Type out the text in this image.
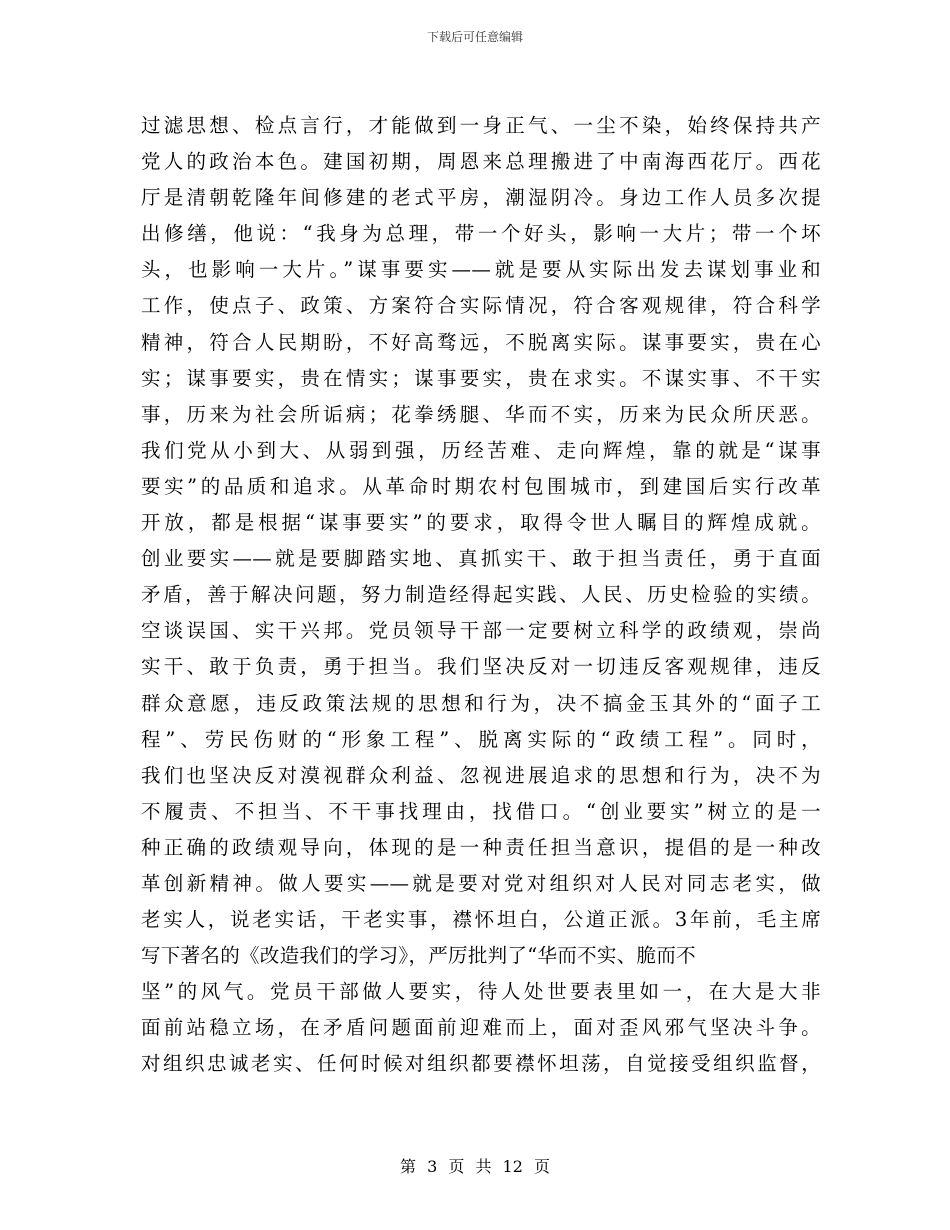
下载后可任意编辑
过滤思想、检点言行，才能做到一身正气、一尘不染，始终保持共产
党人的政治本色。建国初期，周恩来总理搬进了中南海西花厅。西花
厅是清朝乾隆年间修建的老式平房，潮湿阴冷。身边工作人员多次提
出修缮，他说：“我身为总理，带一个好头，影响一大片；带一个坏
头，也影响一大片。”谋事要实——就是要从实际出发去谋划事业和
工作，使点子、政策、方案符合实际情况，符合客观规律，符合科学
精神，符合人民期盼，不好高骛远，不脱离实际。谋事要实，贵在心
实；谋事要实，贵在情实；谋事要实，贵在求实。不谋实事、不干实
事，历来为社会所诟病；花拳绣腿、华而不实，历来为民众所厌恶。
我们党从小到大、从弱到强，历经苦难、走向辉煌，靠的就是“谋事
要实”的品质和追求。从革命时期农村包围城市，到建国后实行改革
开放，都是根据“谋事要实”的要求，取得令世人瞩目的辉煌成就。
创业要实——就是要脚踏实地、真抓实干、敢于担当责任，勇于直面
矛盾，善于解决问题，努力制造经得起实践、人民、历史检验的实绩。
空谈误国、实干兴邦。党员领导干部一定要树立科学的政绩观，崇尚
实干、敢于负责，勇于担当。我们坚决反对一切违反客观规律，违反
群众意愿，违反政策法规的思想和行为，决不搞金玉其外的“面子工
程”、劳民伤财的“形象工程”、脱离实际的“政绩工程”。同时，
我们也坚决反对漠视群众利益、忽视进展追求的思想和行为，决不为
不履责、不担当、不干事找理由，找借口。“创业要实”树立的是一
种正确的政绩观导向，体现的是一种责任担当意识，提倡的是一种改
革创新精神。做人要实——就是要对党对组织对人民对同志老实，做
老实人，说老实话，干老实事，襟怀坦白，公道正派。3年前，毛主席
写下著名的《改造我们的学习》，严厉批判了“华而不实、脆而不
坚”的风气。党员干部做人要实，待人处世要表里如一，在大是大非
面前站稳立场，在矛盾问题面前迎难而上，面对歪风邪气坚决斗争。
对组织忠诚老实、任何时候对组织都要襟怀坦荡，自觉接受组织监督，
第 3 页 共 12 页
